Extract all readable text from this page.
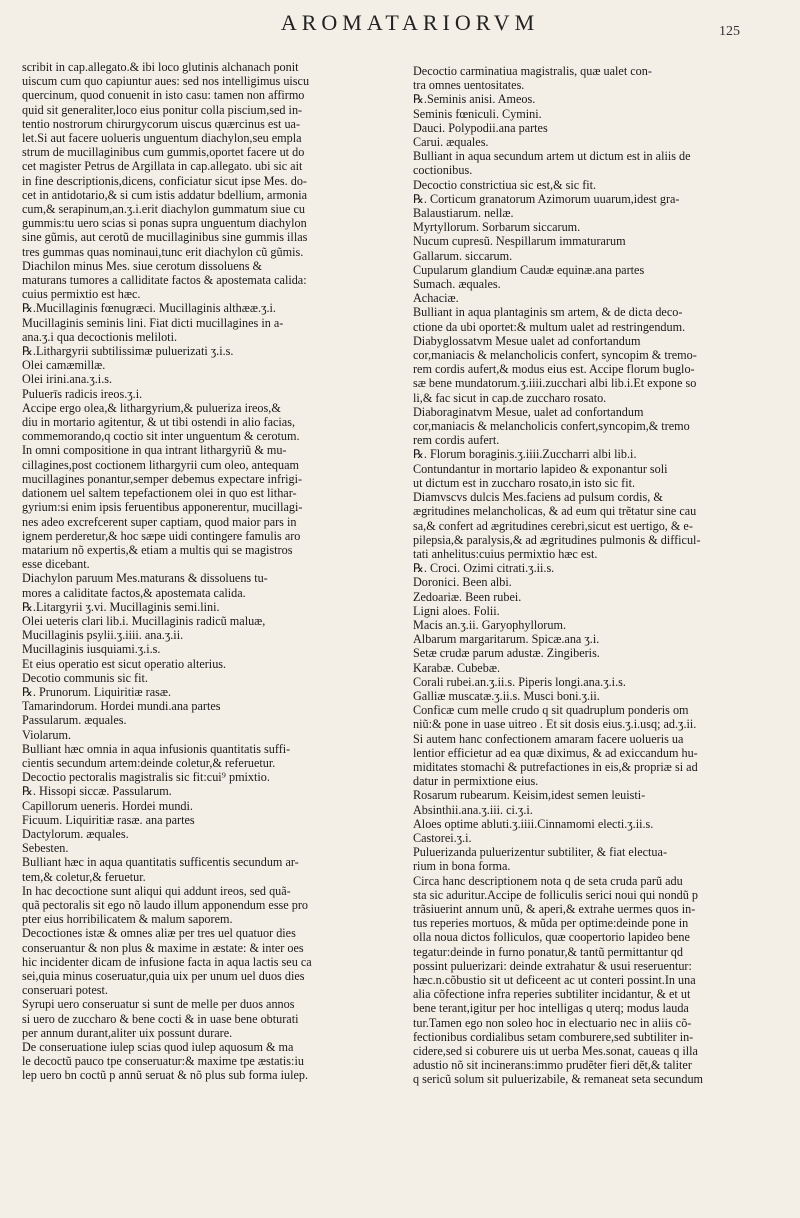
AROMATARIORVM	125
scribit in cap.allegato.& ibi loco glutinis alchanach ponit
uiscum cum quo capiuntur aues: sed nos intelligimus uiscu
quercinum, quod conuenit in isto casu: tamen non affirmo
quid sit generaliter,loco eius ponitur colla piscium,sed in-
tentio nostrorum chirurgycorum uiscus quærcinus est ua-
let.Si aut facere uolueris unguentum diachylon,seu empla
strum de mucillaginibus cum gummis,oportet facere ut do
cet magister Petrus de Argillata in cap.allegato. ubi sic ait
in fine descriptionis,dicens, conficiatur sicut ipse Mes. do-
cet in antidotario,& si cum istis addatur bdellium, armonia
cum,& serapinum,an.ʒ.i.erit diachylon gummatum siue cu
gummis:tu uero scias si ponas supra unguentum diachylon
sine gũmis, aut cerotũ de mucillaginibus sine gummis illas
tres gummas quas nominaui,tunc erit diachylon cũ gũmis.
Diachilon minus Mes. siue cerotum dissoluens &
maturans tumores a calliditate factos & apostemata calida:
cuius permixtio est hæc.
℞.Mucillaginis fœnugræci. Mucillaginis althææ.ʒ.i.
Mucillaginis seminis lini. Fiat dicti mucillagines in a-
ana.ʒ.i qua decoctionis meliloti.
℞.Lithargyrii subtilissimæ puluerizati ʒ.i.s.
Olei camæmillæ.
Olei irini.ana.ʒ.i.s.
Puluerīs radicis ireos.ʒ.i.
Accipe ergo olea,& lithargyrium,& pulueriza ireos,&
diu in mortario agitentur, & ut tibi ostendi in alio facias,
commemorando,q coctio sit inter unguentum & cerotum.
In omni compositione in qua intrant lithargyriũ & mu-
cillagines,post coctionem lithargyrii cum oleo, antequam
mucillagines ponantur,semper debemus expectare infrigi-
dationem uel saltem tepefactionem olei in quo est lithar-
gyrium:si enim ipsis feruentibus apponerentur, mucillagi-
nes adeo excrefcerent super captiam, quod maior pars in
ignem perderetur,& hoc sæpe uidi contingere famulis aro
matarium nõ expertis,& etiam a multis qui se magistros
esse dicebant.
Diachylon paruum Mes.maturans & dissoluens tu-
mores a caliditate factos,& apostemata calida.
℞.Litargyrii ʒ.vi. Mucillaginis semi.lini.
Olei ueteris clari lib.i. Mucillaginis radicũ maluæ,
Mucillaginis psylii.ʒ.iiii. ana.ʒ.ii.
Mucillaginis iusquiami.ʒ.i.s.
Et eius operatio est sicut operatio alterius.
Decotio communis sic fit.
℞. Prunorum. Liquiritiæ rasæ.
Tamarindorum. Hordei mundi.ana partes
Passularum. æquales.
Violarum.
Bulliant hæc omnia in aqua infusionis quantitatis suffi-
cientis secundum artem:deinde coletur,& referuetur.
Decoctio pectoralis magistralis sic fit:cui⁹ pmixtio.
℞. Hissopi siccæ. Passularum.
Capillorum ueneris. Hordei mundi.
Ficuum. Liquiritiæ rasæ. ana partes
Dactylorum. æquales.
Sebesten.
Bulliant hæc in aqua quantitatis sufficentis secundum ar-
tem,& coletur,& feruetur.
In hac decoctione sunt aliqui qui addunt ireos, sed quã-
quã pectoralis sit ego nõ laudo illum apponendum esse pro
pter eius horribilicatem & malum saporem.
Decoctiones istæ & omnes aliæ per tres uel quatuor dies
conseruantur & non plus & maxime in æstate: & inter oes
hic incidenter dicam de infusione facta in aqua lactis seu ca
sei,quia minus coseruatur,quia uix per unum uel duos dies
conseruari potest.
Syrupi uero conseruatur si sunt de melle per duos annos
si uero de zuccharo & bene cocti & in uase bene obturati
per annum durant,aliter uix possunt durare.
De conseruatione iulep scias quod iulep aquosum & ma
le decoctũ pauco tpe conseruatur:& maxime tpe æstatis:iu
lep uero bn coctũ p annũ seruat & nõ plus sub forma iulep.
Decoctio carminatiua magistralis, quæ ualet con-
tra omnes uentositates.
℞.Seminis anisi. Ameos.
Seminis fœniculi. Cymini.
Dauci. Polypodii.ana partes
Carui. æquales.
Bulliant in aqua secundum artem ut dictum est in aliis de
coctionibus.
Decoctio constrictiua sic est,& sic fit.
℞. Corticum granatorum Azimorum uuarum,idest gra-
Balaustiarum. nellæ.
Myrtyllorum. Sorbarum siccarum.
Nucum cupresũ. Nespillarum immaturarum
Gallarum. siccarum.
Cupularum glandium Caudæ equinæ.ana partes
Sumach. æquales.
Achaciæ.
Bulliant in aqua plantaginis sm artem, & de dicta deco-
ctione da ubi oportet:& multum ualet ad restringendum.
Diabyglossatvm Mesue ualet ad confortandum
cor,maniacis & melancholicis confert, syncopim & tremo-
rem cordis aufert,& modus eius est. Accipe florum buglo-
sæ bene mundatorum.ʒ.iiii.zucchari albi lib.i.Et expone so
li,& fac sicut in cap.de zuccharo rosato.
Diaboraginatvm Mesue, ualet ad confortandum
cor,maniacis & melancholicis confert,syncopim,& tremo
rem cordis aufert.
℞. Florum boraginis.ʒ.iiii.Zuccharri albi lib.i.
Contundantur in mortario lapideo & exponantur soli
ut dictum est in zuccharo rosato,in isto sic fit.
Diamvscvs dulcis Mes.faciens ad pulsum cordis, &
ægritudines melancholicas, & ad eum qui trẽtatur sine cau
sa,& confert ad ægritudines cerebri,sicut est uertigo, & e-
pilepsia,& paralysis,& ad ægritudines pulmonis & difficul-
tati anhelitus:cuius permixtio hæc est.
℞. Croci. Ozimi citrati.ʒ.ii.s.
Doronici. Been albi.
Zedoariæ. Been rubei.
Ligni aloes. Folii.
Macis an.ʒ.ii. Garyophyllorum.
Albarum margaritarum. Spicæ.ana ʒ.i.
Setæ crudæ parum adustæ. Zingiberis.
Karabæ. Cubebæ.
Corali rubei.an.ʒ.ii.s. Piperis longi.ana.ʒ.i.s.
Galliæ muscatæ.ʒ.ii.s. Musci boni.ʒ.ii.
Conficæ cum melle crudo q sit quadruplum ponderis om
niũ:& pone in uase uitreo . Et sit dosis eius.ʒ.i.usq; ad.ʒ.ii.
Si autem hanc confectionem amaram facere uolueris ua
lentior efficietur ad ea quæ diximus, & ad exiccandum hu-
miditates stomachi & putrefactiones in eis,& propriæ si ad
datur in permixtione eius.
Rosarum rubearum. Keisim,idest semen leuisti-
Absinthii.ana.ʒ.iii. ci.ʒ.i.
Aloes optime abluti.ʒ.iiii.Cinnamomi electi.ʒ.ii.s.
Castorei.ʒ.i.
Puluerizanda puluerizentur subtiliter, & fiat electua-
rium in bona forma.
Circa hanc descriptionem nota q de seta cruda parũ adu
sta sic aduritur.Accipe de folliculis serici noui qui nondũ p
trãsiuerint annum unũ, & aperi,& extrahe uermes quos in-
tus reperies mortuos, & mũda per optime:deinde pone in
olla noua dictos folliculos, quæ coopertorio lapideo bene
tegatur:deinde in furno ponatur,& tantũ permittantur qd
possint puluerizari: deinde extrahatur & usui reseruentur:
hæc.n.cõbustio sit ut deficeent ac ut conteri possint.In una
alia cõfectione infra reperies subtiliter incidantur, & et ut
bene terant,igitur per hoc intelligas q uterq; modus lauda
tur.Tamen ego non soleo hoc in electuario nec in aliis cõ-
fectionibus cordialibus setam comburere,sed subtiliter in-
cidere,sed si coburere uis ut uerba Mes.sonat, caueas q illa
adustio nõ sit incinerans:immo prudẽter fieri dẽt,& taliter
q sericũ solum sit puluerizabile, & remaneat seta secundum
